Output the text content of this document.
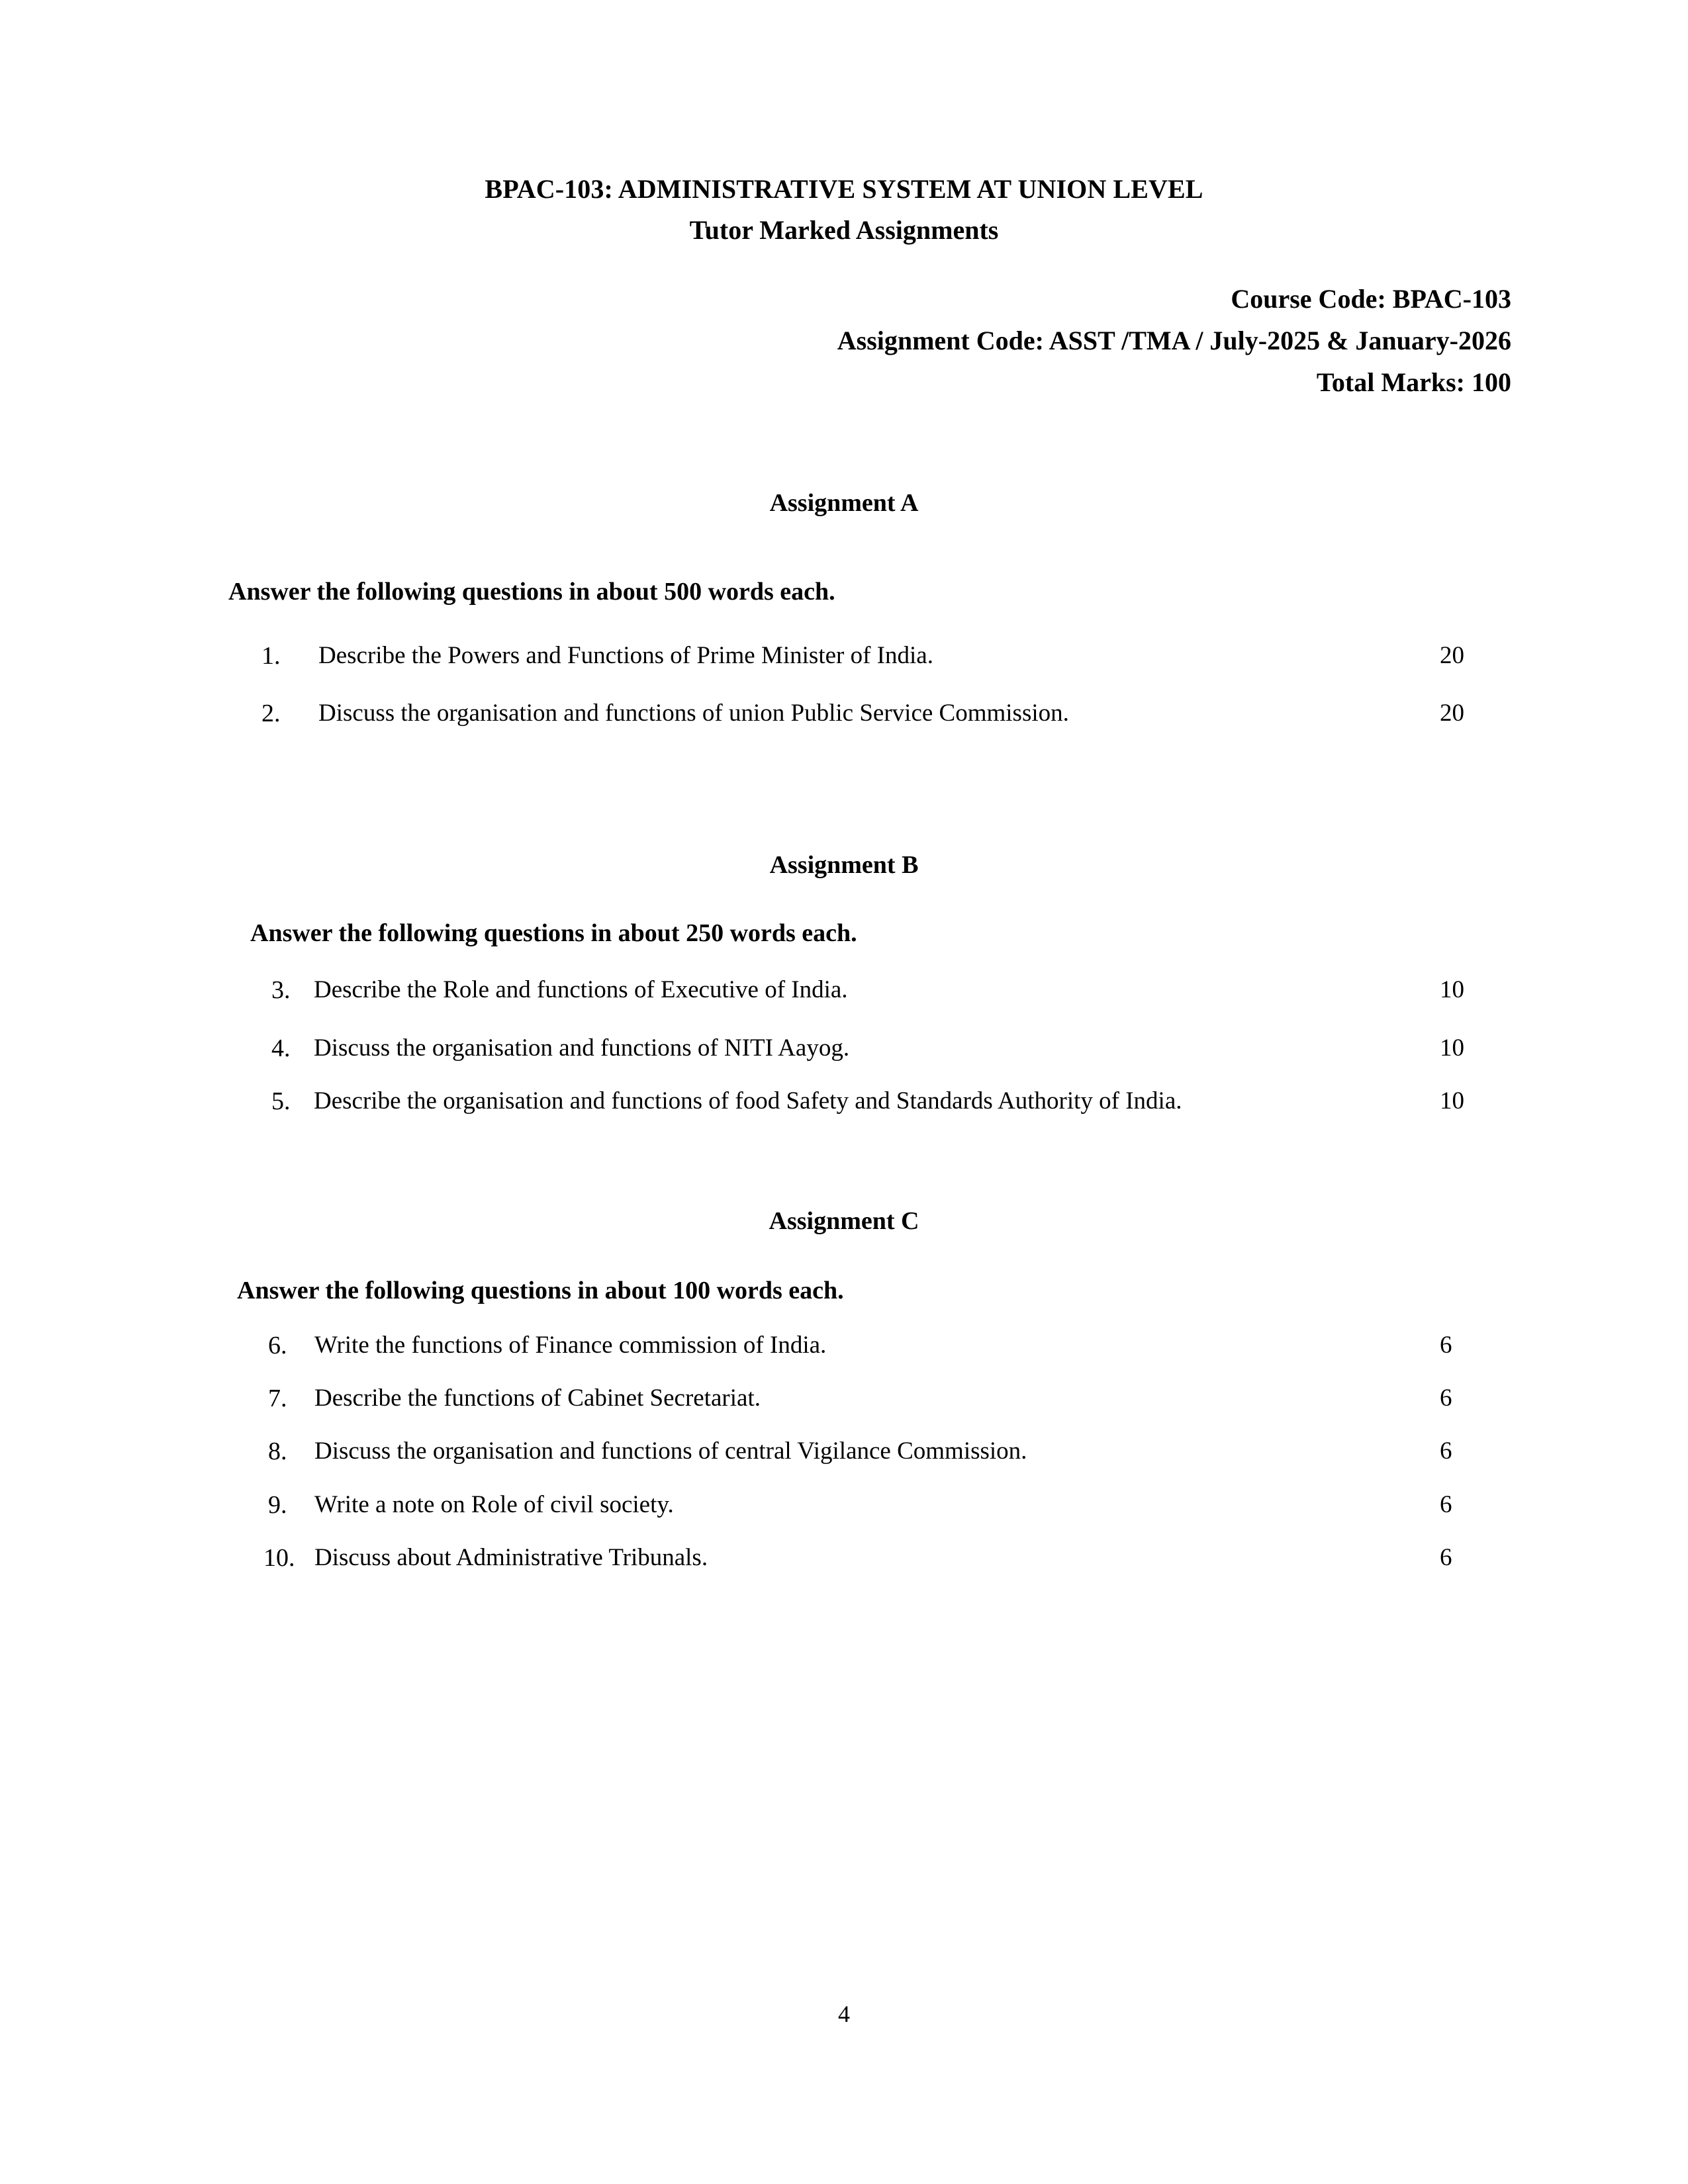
BPAC-103: ADMINISTRATIVE SYSTEM AT UNION LEVEL
Tutor Marked Assignments
Course Code: BPAC-103
Assignment Code: ASST /TMA / July-2025 & January-2026
Total Marks: 100
Assignment A
Answer the following questions in about 500 words each.
1.	Describe the Powers and Functions of Prime Minister of India.	20
2.	Discuss the organisation and functions of union Public Service Commission.	20
Assignment B
Answer the following questions in about 250 words each.
3. Describe the Role and functions of Executive of India.	10
4. Discuss the organisation and functions of NITI Aayog.	10
5. Describe the organisation and functions of food Safety and Standards Authority of India.	10
Assignment C
Answer the following questions in about 100 words each.
6.	Write the functions of Finance commission of India.	6
7.	Describe the functions of Cabinet Secretariat.	6
8.	Discuss the organisation and functions of central Vigilance Commission.	6
9.	Write a note on Role of civil society.	6
10. Discuss about Administrative Tribunals.	6
4
